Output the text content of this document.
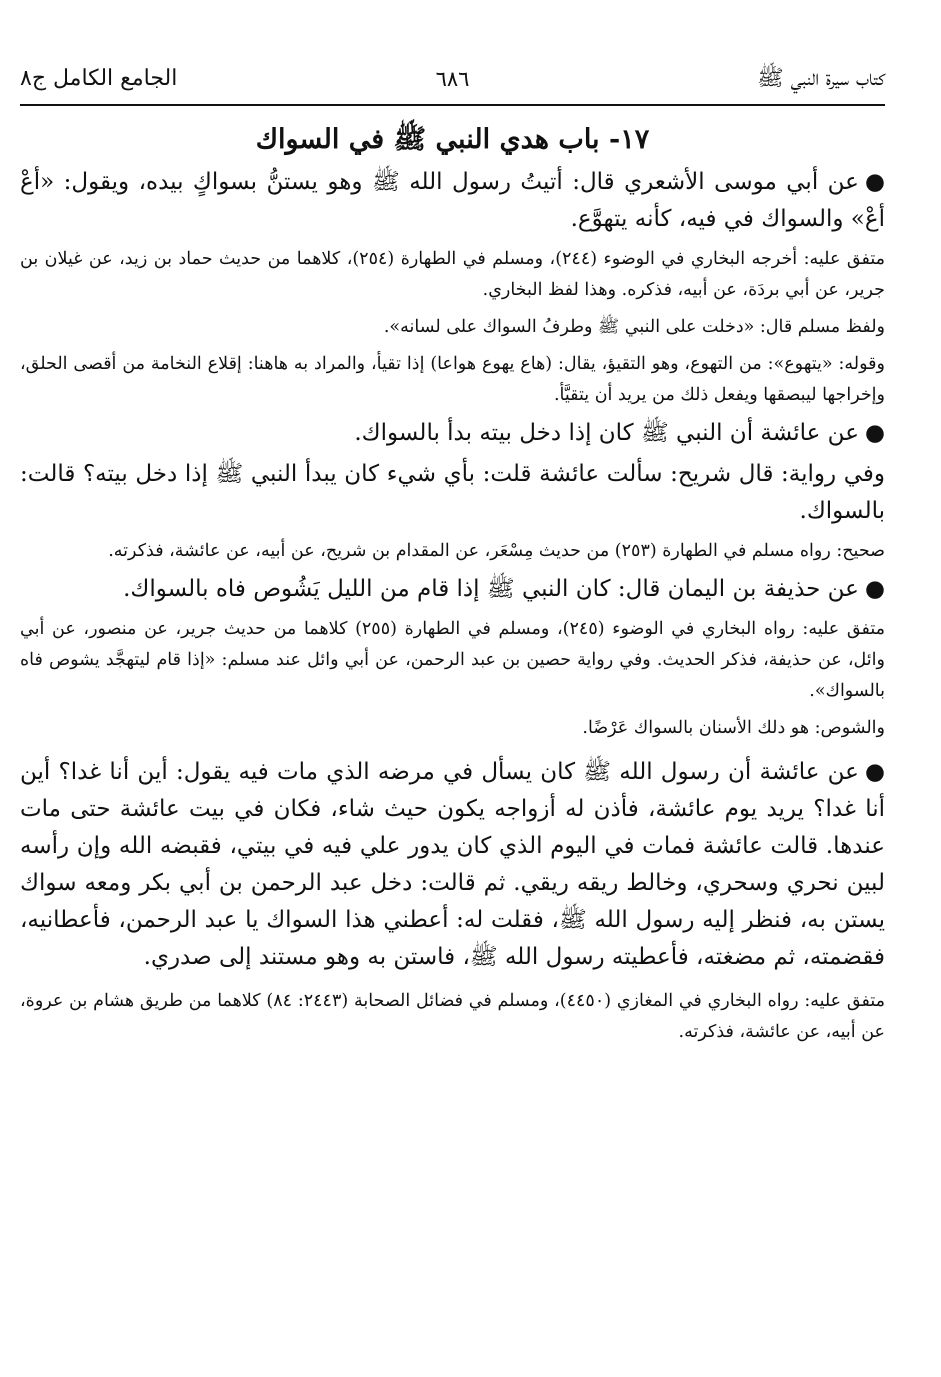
كتاب سيرة النبي ﷺ
٦٨٦
الجامع الكامل ج٨
١٧- باب هدي النبي ﷺ في السواك

●عن أبي موسى الأشعري قال: أتيتُ رسول الله ﷺ وهو يستنُّ بسواكٍ بيده، ويقول: «أعْ أعْ» والسواك في فيه، كأنه يتهوَّع.

متفق عليه: أخرجه البخاري في الوضوء (٢٤٤)، ومسلم في الطهارة (٢٥٤)، كلاهما من حديث حماد بن زيد، عن غيلان بن جرير، عن أبي بردَة، عن أبيه، فذكره. وهذا لفظ البخاري.

ولفظ مسلم قال: «دخلت على النبي ﷺ وطرفُ السواك على لسانه».

وقوله: «يتهوع»: من التهوع، وهو التقيؤ، يقال: (هاع يهوع هواعا) إذا تقيأ، والمراد به هاهنا: إقلاع النخامة من أقصى الحلق، وإخراجها ليبصقها ويفعل ذلك من يريد أن يتقيَّأ.

●عن عائشة أن النبي ﷺ كان إذا دخل بيته بدأ بالسواك.

وفي رواية: قال شريح: سألت عائشة قلت: بأي شيء كان يبدأ النبي ﷺ إذا دخل بيته؟ قالت: بالسواك.

صحيح: رواه مسلم في الطهارة (٢٥٣) من حديث مِسْعَر، عن المقدام بن شريح، عن أبيه، عن عائشة، فذكرته.

●عن حذيفة بن اليمان قال: كان النبي ﷺ إذا قام من الليل يَشُوص فاه بالسواك.

متفق عليه: رواه البخاري في الوضوء (٢٤٥)، ومسلم في الطهارة (٢٥٥) كلاهما من حديث جرير، عن منصور، عن أبي وائل، عن حذيفة، فذكر الحديث. وفي رواية حصين بن عبد الرحمن، عن أبي وائل عند مسلم: «إذا قام ليتهجَّد يشوص فاه بالسواك».

والشوص: هو دلك الأسنان بالسواك عَرْضًا.

●عن عائشة أن رسول الله ﷺ كان يسأل في مرضه الذي مات فيه يقول: أين أنا غدا؟ أين أنا غدا؟ يريد يوم عائشة، فأذن له أزواجه يكون حيث شاء، فكان في بيت عائشة حتى مات عندها. قالت عائشة فمات في اليوم الذي كان يدور علي فيه في بيتي، فقبضه الله وإن رأسه لبين نحري وسحري، وخالط ريقه ريقي. ثم قالت: دخل عبد الرحمن بن أبي بكر ومعه سواك يستن به، فنظر إليه رسول الله ﷺ، فقلت له: أعطني هذا السواك يا عبد الرحمن، فأعطانيه، فقضمته، ثم مضغته، فأعطيته رسول الله ﷺ، فاستن به وهو مستند إلى صدري.

متفق عليه: رواه البخاري في المغازي (٤٤٥٠)، ومسلم في فضائل الصحابة (٢٤٤٣: ٨٤) كلاهما من طريق هشام بن عروة، عن أبيه، عن عائشة، فذكرته.
